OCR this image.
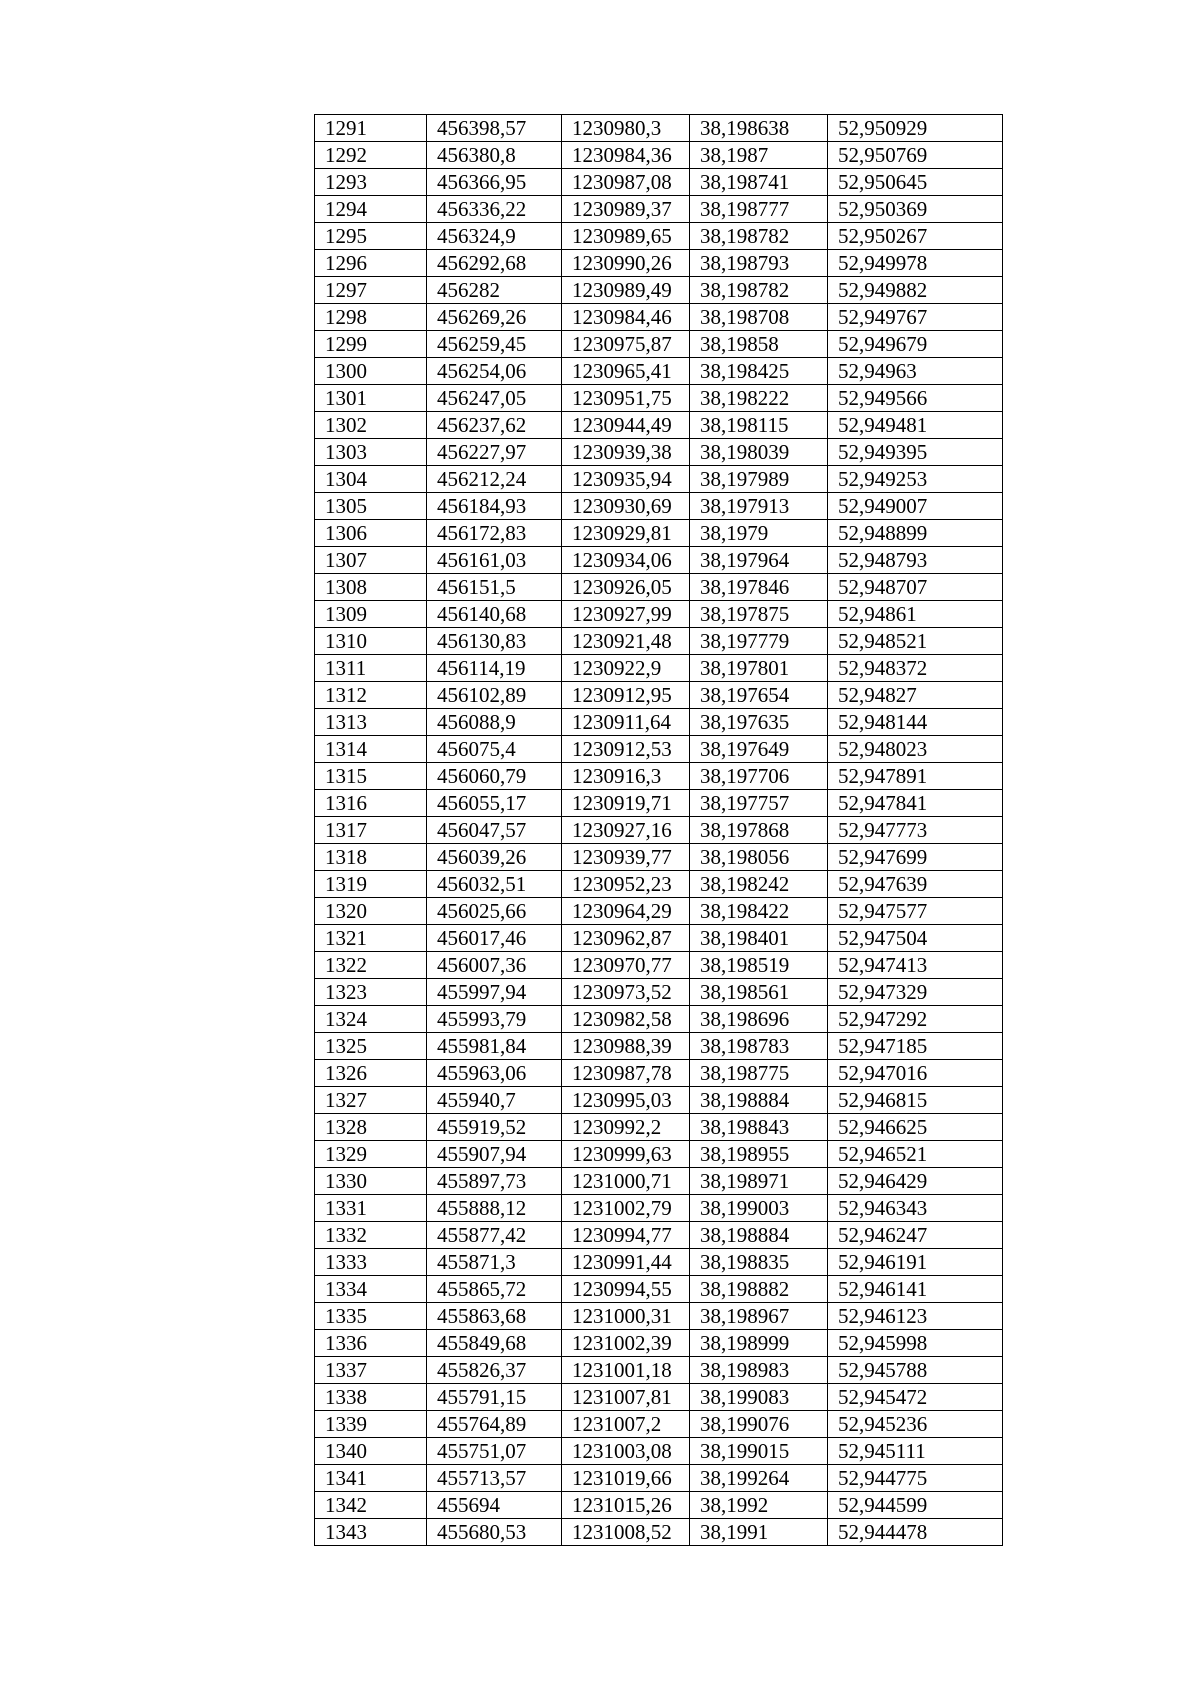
1291	456398,57	1230980,3	38,198638	52,950929
1292	456380,8	1230984,36	38,1987	52,950769
1293	456366,95	1230987,08	38,198741	52,950645
1294	456336,22	1230989,37	38,198777	52,950369
1295	456324,9	1230989,65	38,198782	52,950267
1296	456292,68	1230990,26	38,198793	52,949978
1297	456282	1230989,49	38,198782	52,949882
1298	456269,26	1230984,46	38,198708	52,949767
1299	456259,45	1230975,87	38,19858	52,949679
1300	456254,06	1230965,41	38,198425	52,94963
1301	456247,05	1230951,75	38,198222	52,949566
1302	456237,62	1230944,49	38,198115	52,949481
1303	456227,97	1230939,38	38,198039	52,949395
1304	456212,24	1230935,94	38,197989	52,949253
1305	456184,93	1230930,69	38,197913	52,949007
1306	456172,83	1230929,81	38,1979	52,948899
1307	456161,03	1230934,06	38,197964	52,948793
1308	456151,5	1230926,05	38,197846	52,948707
1309	456140,68	1230927,99	38,197875	52,94861
1310	456130,83	1230921,48	38,197779	52,948521
1311	456114,19	1230922,9	38,197801	52,948372
1312	456102,89	1230912,95	38,197654	52,94827
1313	456088,9	1230911,64	38,197635	52,948144
1314	456075,4	1230912,53	38,197649	52,948023
1315	456060,79	1230916,3	38,197706	52,947891
1316	456055,17	1230919,71	38,197757	52,947841
1317	456047,57	1230927,16	38,197868	52,947773
1318	456039,26	1230939,77	38,198056	52,947699
1319	456032,51	1230952,23	38,198242	52,947639
1320	456025,66	1230964,29	38,198422	52,947577
1321	456017,46	1230962,87	38,198401	52,947504
1322	456007,36	1230970,77	38,198519	52,947413
1323	455997,94	1230973,52	38,198561	52,947329
1324	455993,79	1230982,58	38,198696	52,947292
1325	455981,84	1230988,39	38,198783	52,947185
1326	455963,06	1230987,78	38,198775	52,947016
1327	455940,7	1230995,03	38,198884	52,946815
1328	455919,52	1230992,2	38,198843	52,946625
1329	455907,94	1230999,63	38,198955	52,946521
1330	455897,73	1231000,71	38,198971	52,946429
1331	455888,12	1231002,79	38,199003	52,946343
1332	455877,42	1230994,77	38,198884	52,946247
1333	455871,3	1230991,44	38,198835	52,946191
1334	455865,72	1230994,55	38,198882	52,946141
1335	455863,68	1231000,31	38,198967	52,946123
1336	455849,68	1231002,39	38,198999	52,945998
1337	455826,37	1231001,18	38,198983	52,945788
1338	455791,15	1231007,81	38,199083	52,945472
1339	455764,89	1231007,2	38,199076	52,945236
1340	455751,07	1231003,08	38,199015	52,945111
1341	455713,57	1231019,66	38,199264	52,944775
1342	455694	1231015,26	38,1992	52,944599
1343	455680,53	1231008,52	38,1991	52,944478
